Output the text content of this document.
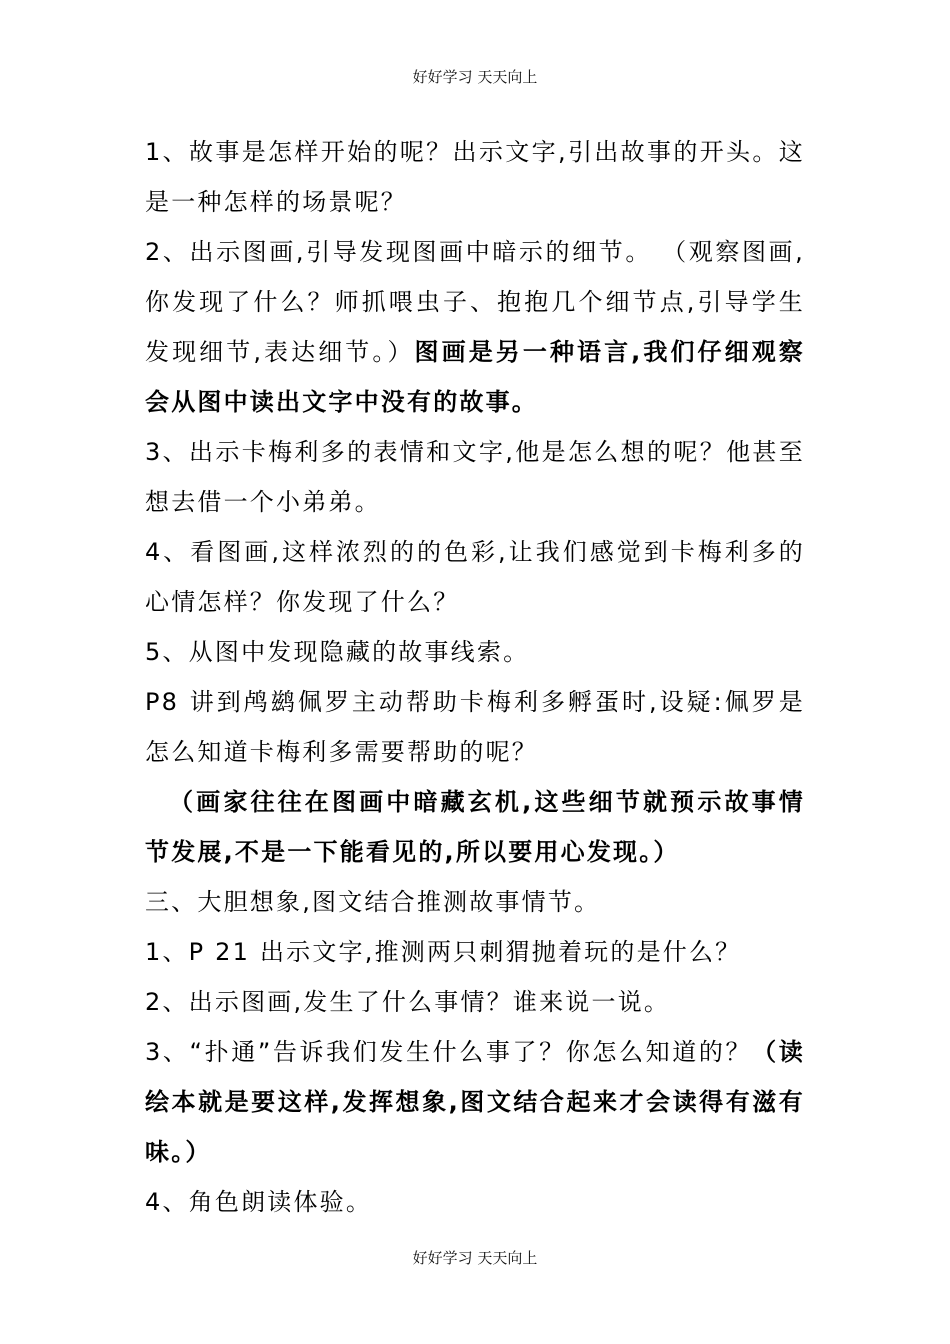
好好学习 天天向上

1、故事是怎样开始的呢？出示文字,引出故事的开头。这是一种怎样的场景呢？

2、出示图画,引导发现图画中暗示的细节。 （观察图画,你发现了什么？师抓喂虫子、抱抱几个细节点,引导学生发现细节,表达细节。）图画是另一种语言,我们仔细观察会从图中读出文字中没有的故事。

3、出示卡梅利多的表情和文字,他是怎么想的呢？他甚至想去借一个小弟弟。

4、看图画,这样浓烈的的色彩,让我们感觉到卡梅利多的心情怎样？你发现了什么？

5、从图中发现隐藏的故事线索。

P8 讲到鸬鹚佩罗主动帮助卡梅利多孵蛋时,设疑:佩罗是怎么知道卡梅利多需要帮助的呢？

（画家往往在图画中暗藏玄机,这些细节就预示故事情节发展,不是一下能看见的,所以要用心发现。）

三、大胆想象,图文结合推测故事情节。

1、P 21 出示文字,推测两只刺猬抛着玩的是什么？

2、出示图画,发生了什么事情？谁来说一说。

3、“扑通”告诉我们发生什么事了？你怎么知道的？（读绘本就是要这样,发挥想象,图文结合起来才会读得有滋有味。）

4、角色朗读体验。

好好学习 天天向上
